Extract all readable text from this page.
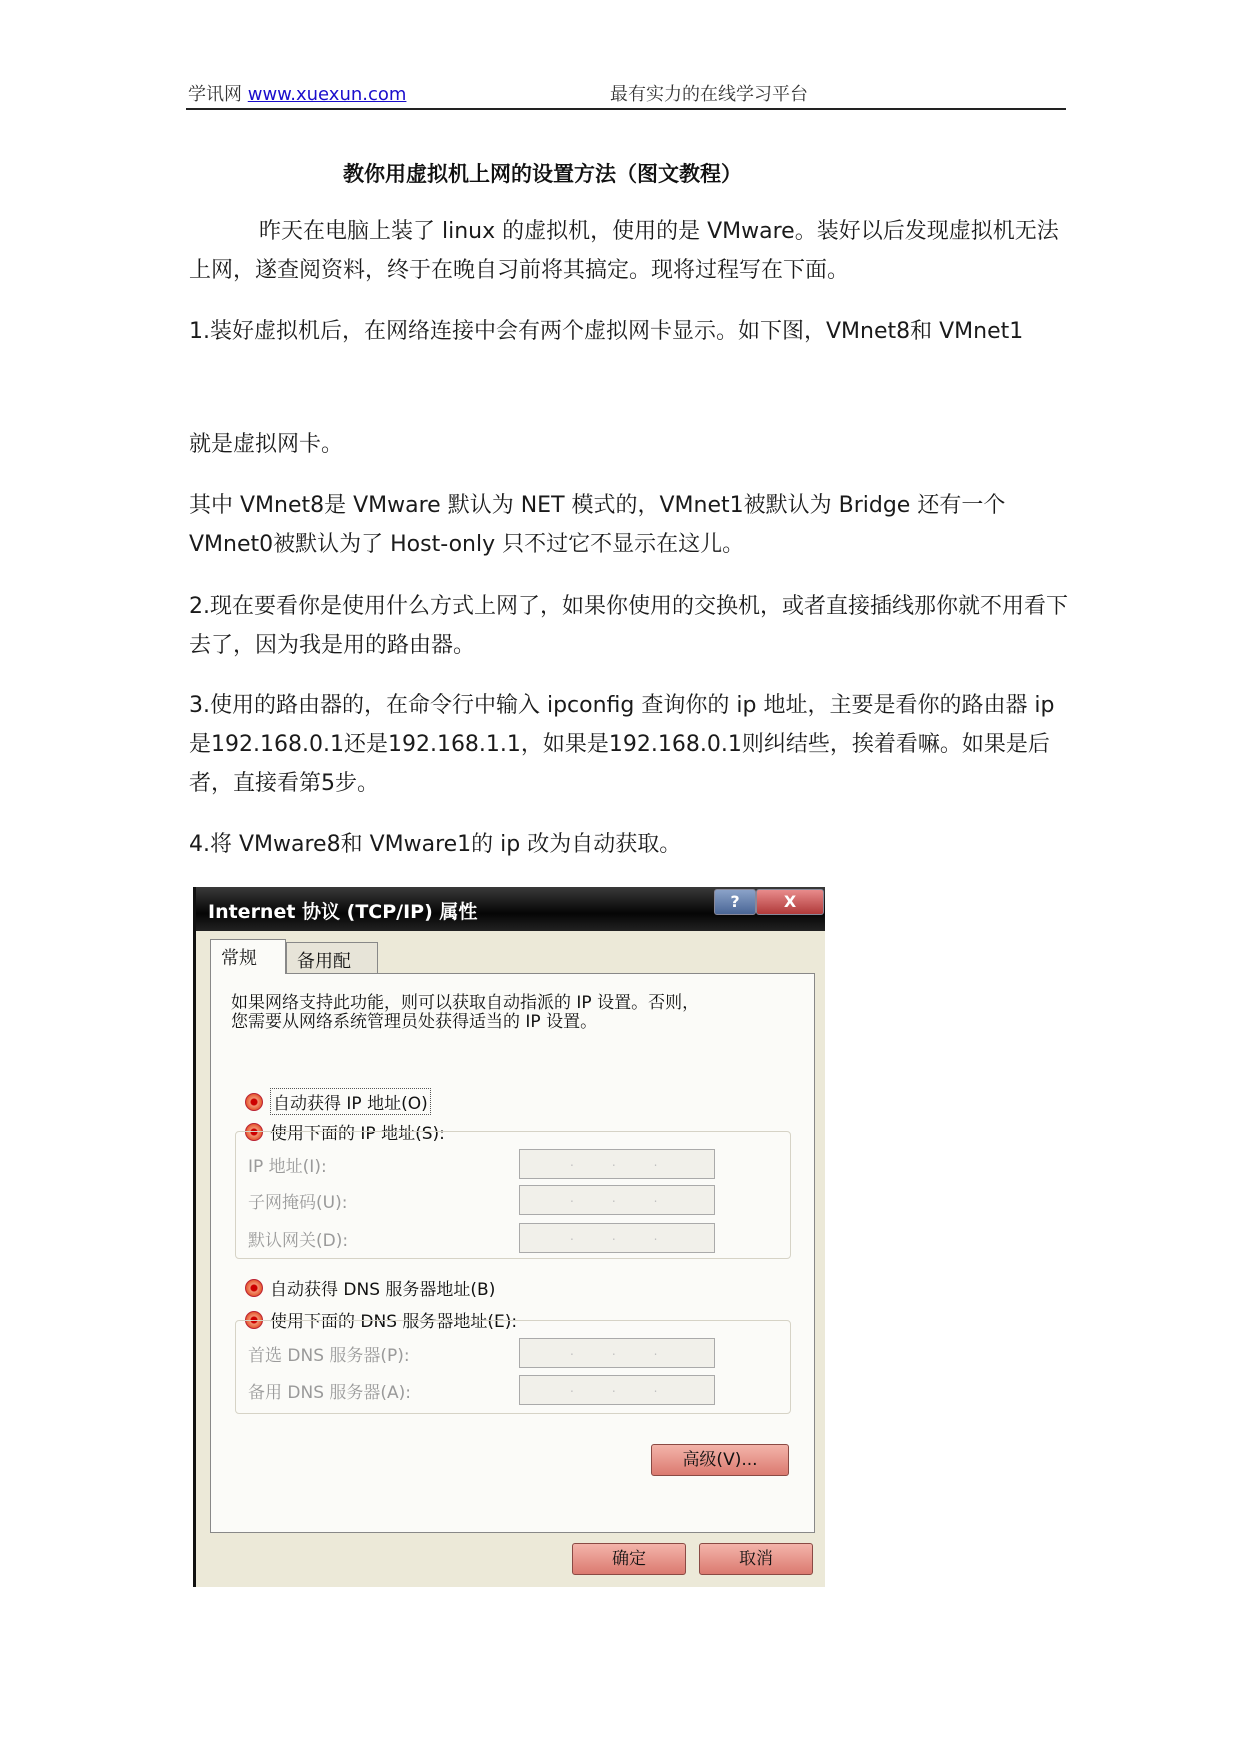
学讯网 www.xuexun.com	最有实力的在线学习平台
教你用虚拟机上网的设置方法（图文教程）
昨天在电脑上装了 linux 的虚拟机，使用的是 VMware。装好以后发现虚拟机无法上网，遂查阅资料，终于在晚自习前将其搞定。现将过程写在下面。
1.装好虚拟机后，在网络连接中会有两个虚拟网卡显示。如下图，VMnet8和 VMnet1
就是虚拟网卡。
其中 VMnet8是 VMware 默认为 NET 模式的，VMnet1被默认为 Bridge 还有一个 VMnet0被默认为了 Host-only 只不过它不显示在这儿。
2.现在要看你是使用什么方式上网了，如果你使用的交换机，或者直接插线那你就不用看下去了，因为我是用的路由器。
3.使用的路由器的，在命令行中输入 ipconfig 查询你的 ip 地址，主要是看你的路由器 ip 是192.168.0.1还是192.168.1.1，如果是192.168.0.1则纠结些，挨着看嘛。如果是后者，直接看第5步。
4.将 VMware8和 VMware1的 ip 改为自动获取。
Internet 协议 (TCP/IP) 属性	?	X
常规	备用配
如果网络支持此功能，则可以获取自动指派的 IP 设置。否则，
您需要从网络系统管理员处获得适当的 IP 设置。
自动获得 IP 地址(O)
使用下面的 IP 地址(S):
IP 地址(I):	...
子网掩码(U):	...
默认网关(D):	...
自动获得 DNS 服务器地址(B)
使用下面的 DNS 服务器地址(E):
首选 DNS 服务器(P):	...
备用 DNS 服务器(A):	...
高级(V)...
确定	取消
